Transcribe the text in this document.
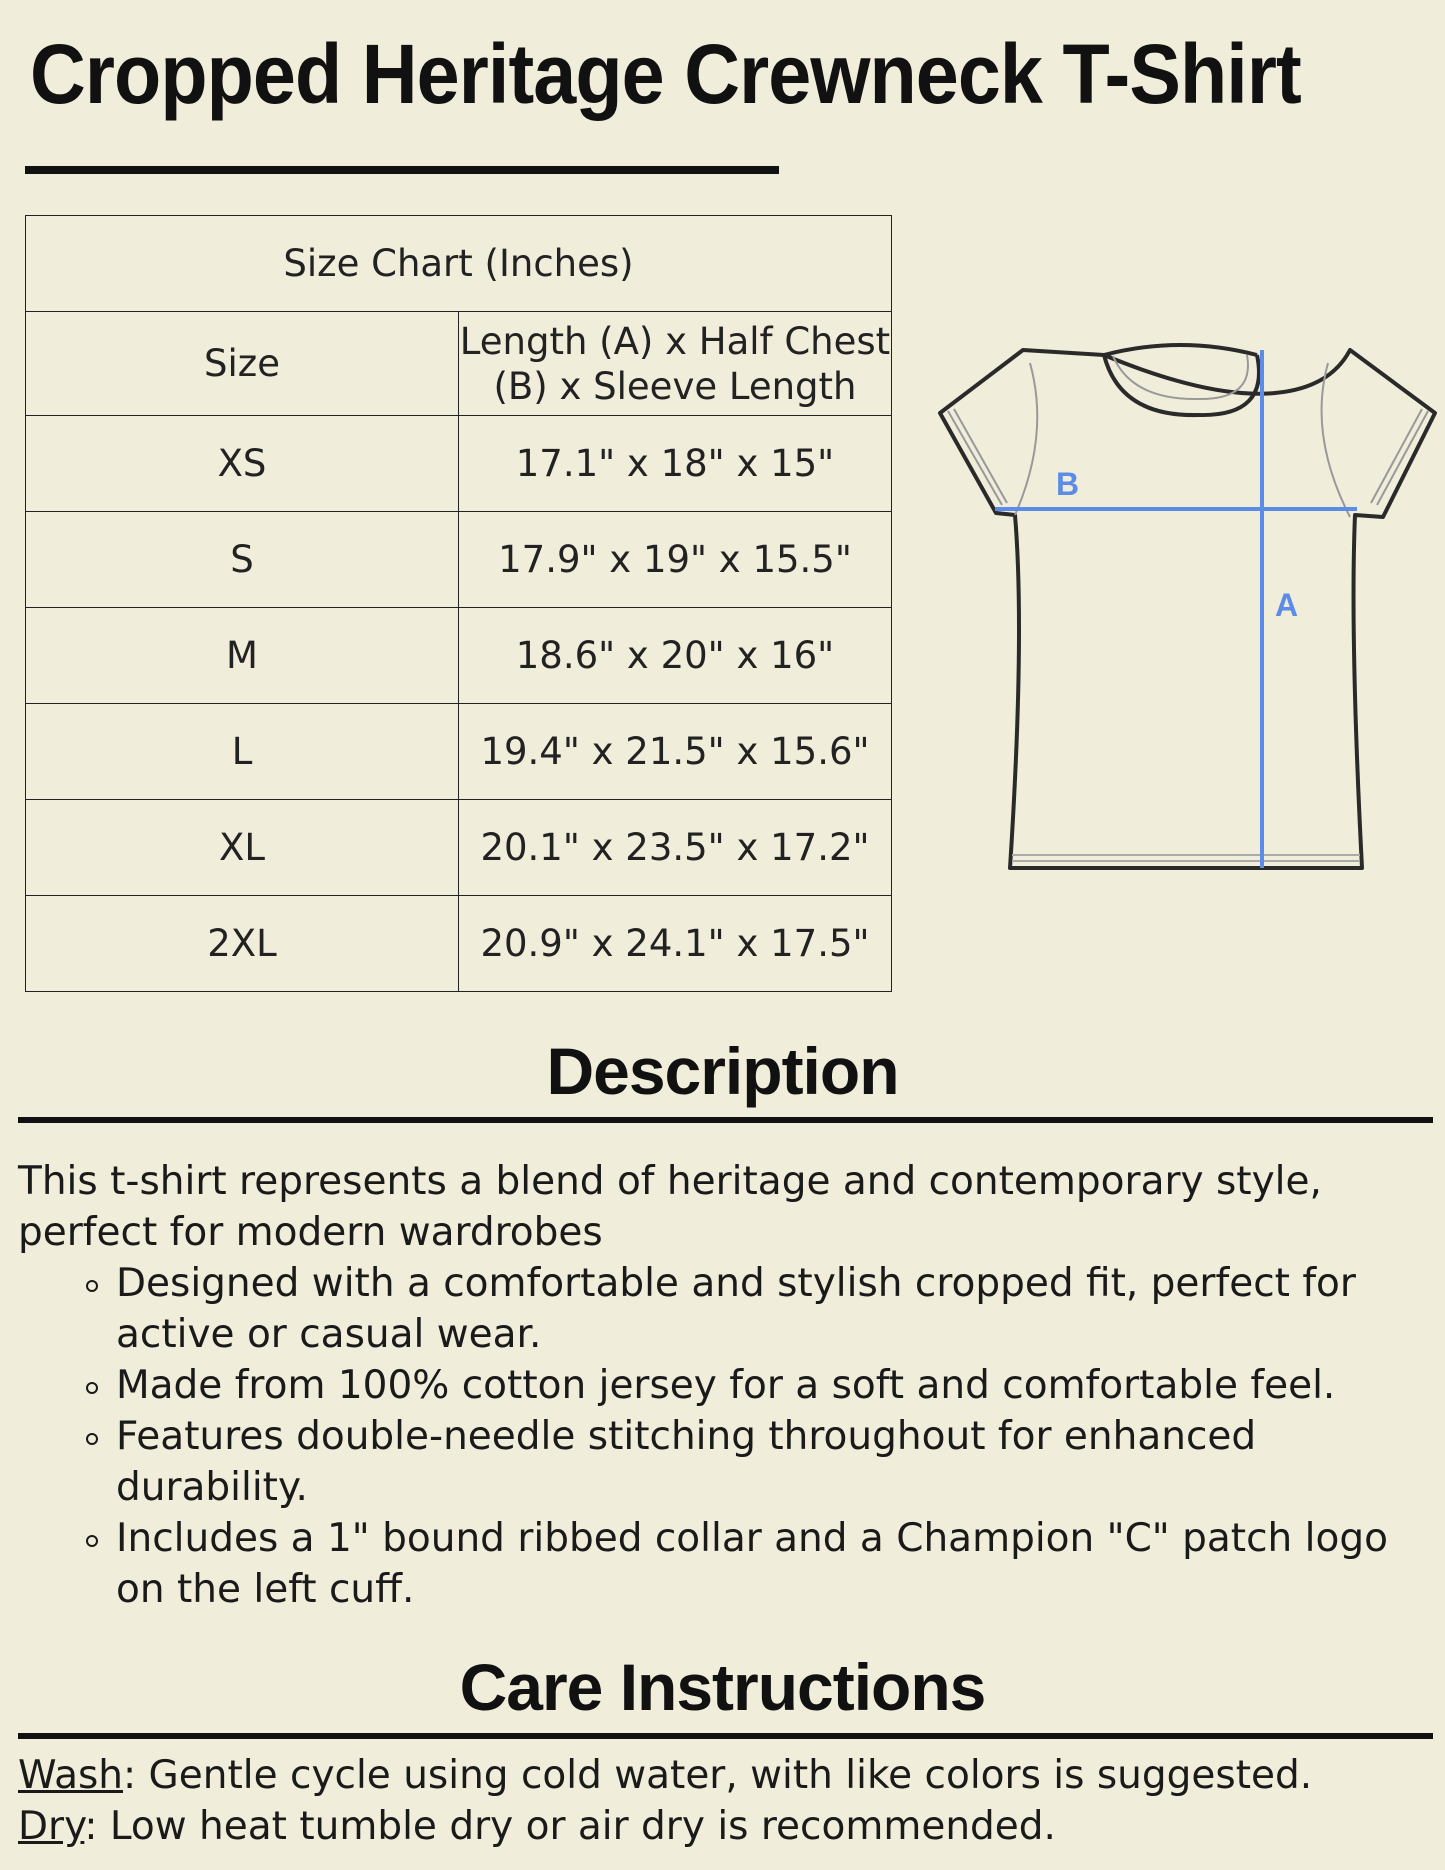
Cropped Heritage Crewneck T-Shirt
Size Chart (Inches)	
Size	Length (A) x Half Chest (B) x Sleeve Length
XS	17.1" x 18" x 15"
S	17.9" x 19" x 15.5"
M	18.6" x 20" x 16"
L	19.4" x 21.5" x 15.6"
XL	20.1" x 23.5" x 17.2"
2XL	20.9" x 24.1" x 17.5"
B
A
Description
This t-shirt represents a blend of heritage and contemporary style, perfect for modern wardrobes
Designed with a comfortable and stylish cropped fit, perfect for active or casual wear.
Made from 100% cotton jersey for a soft and comfortable feel.
Features double-needle stitching throughout for enhanced durability.
Includes a 1" bound ribbed collar and a Champion "C" patch logo on the left cuff.
Care Instructions
Wash: Gentle cycle using cold water, with like colors is suggested.
Dry: Low heat tumble dry or air dry is recommended.
